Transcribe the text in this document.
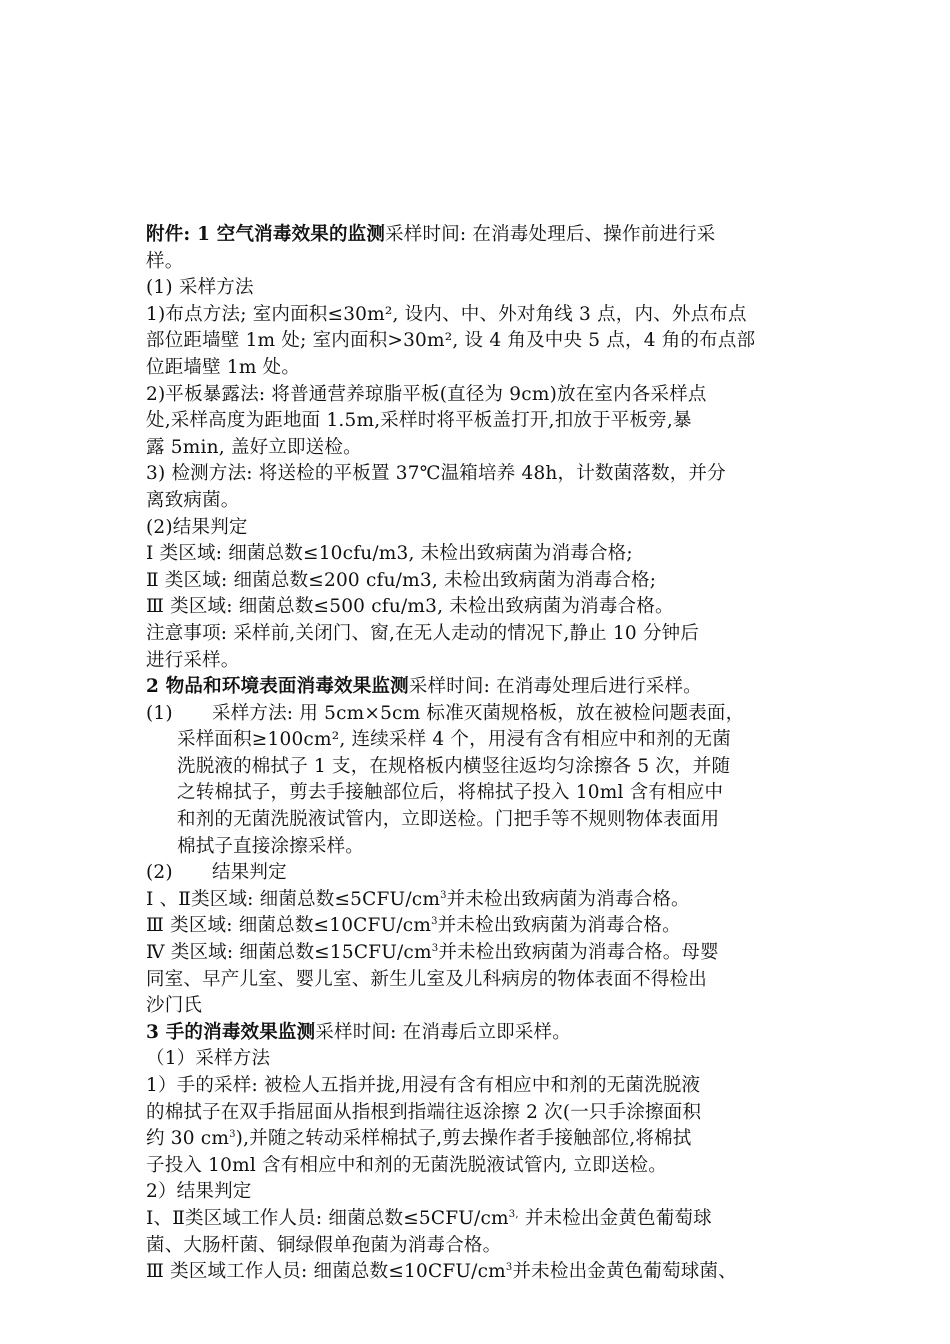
附件: 1 空气消毒效果的监测采样时间: 在消毒处理后、操作前进行采

样。

(1) 采样方法

1)布点方法; 室内面积≤30m², 设内、中、外对角线 3 点，内、外点布点

部位距墙壁 1m 处; 室内面积>30m², 设 4 角及中央 5 点，4 角的布点部

位距墙壁 1m 处。

2)平板暴露法: 将普通营养琼脂平板(直径为 9cm)放在室内各采样点

处,采样高度为距地面 1.5m,采样时将平板盖打开,扣放于平板旁,暴

露 5min, 盖好立即送检。

3) 检测方法: 将送检的平板置 37℃温箱培养 48h，计数菌落数，并分

离致病菌。

(2)结果判定

Ⅰ 类区域: 细菌总数≤10cfu/m3, 未检出致病菌为消毒合格;

Ⅱ 类区域: 细菌总数≤200 cfu/m3, 未检出致病菌为消毒合格;

Ⅲ 类区域: 细菌总数≤500 cfu/m3, 未检出致病菌为消毒合格。

注意事项: 采样前,关闭门、窗,在无人走动的情况下,静止 10 分钟后

进行采样。

2 物品和环境表面消毒效果监测采样时间: 在消毒处理后进行采样。

(1) 采样方法: 用 5cm×5cm 标准灭菌规格板，放在被检问题表面，

采样面积≥100cm², 连续采样 4 个，用浸有含有相应中和剂的无菌

洗脱液的棉拭子 1 支，在规格板内横竖往返均匀涂擦各 5 次，并随

之转棉拭子，剪去手接触部位后，将棉拭子投入 10ml 含有相应中

和剂的无菌洗脱液试管内，立即送检。门把手等不规则物体表面用

棉拭子直接涂擦采样。

(2) 结果判定

Ⅰ 、Ⅱ类区域: 细菌总数$\le 5CFU/cm^3$并未检出致病菌为消毒合格。

Ⅲ 类区域: 细菌总数$\le 10CFU/cm^3$并未检出致病菌为消毒合格。

Ⅳ 类区域: 细菌总数$\le 15CFU/cm^3$并未检出致病菌为消毒合格。母婴

同室、早产儿室、婴儿室、新生儿室及儿科病房的物体表面不得检出

沙门氏

3 手的消毒效果监测采样时间: 在消毒后立即采样。

（1）采样方法

1）手的采样: 被检人五指并拢,用浸有含有相应中和剂的无菌洗脱液

的棉拭子在双手指屈面从指根到指端往返涂擦 2 次(一只手涂擦面积

约 30 $cm^3$),并随之转动采样棉拭子,剪去操作者手接触部位,将棉拭

子投入 10ml 含有相应中和剂的无菌洗脱液试管内, 立即送检。

2）结果判定

Ⅰ、Ⅱ类区域工作人员: 细菌总数$\le 5CFU/cm^{3,}$ 并未检出金黄色葡萄球

菌、大肠杆菌、铜绿假单孢菌为消毒合格。

Ⅲ 类区域工作人员: 细菌总数$\le 10CFU/cm^3$并未检出金黄色葡萄球菌、
